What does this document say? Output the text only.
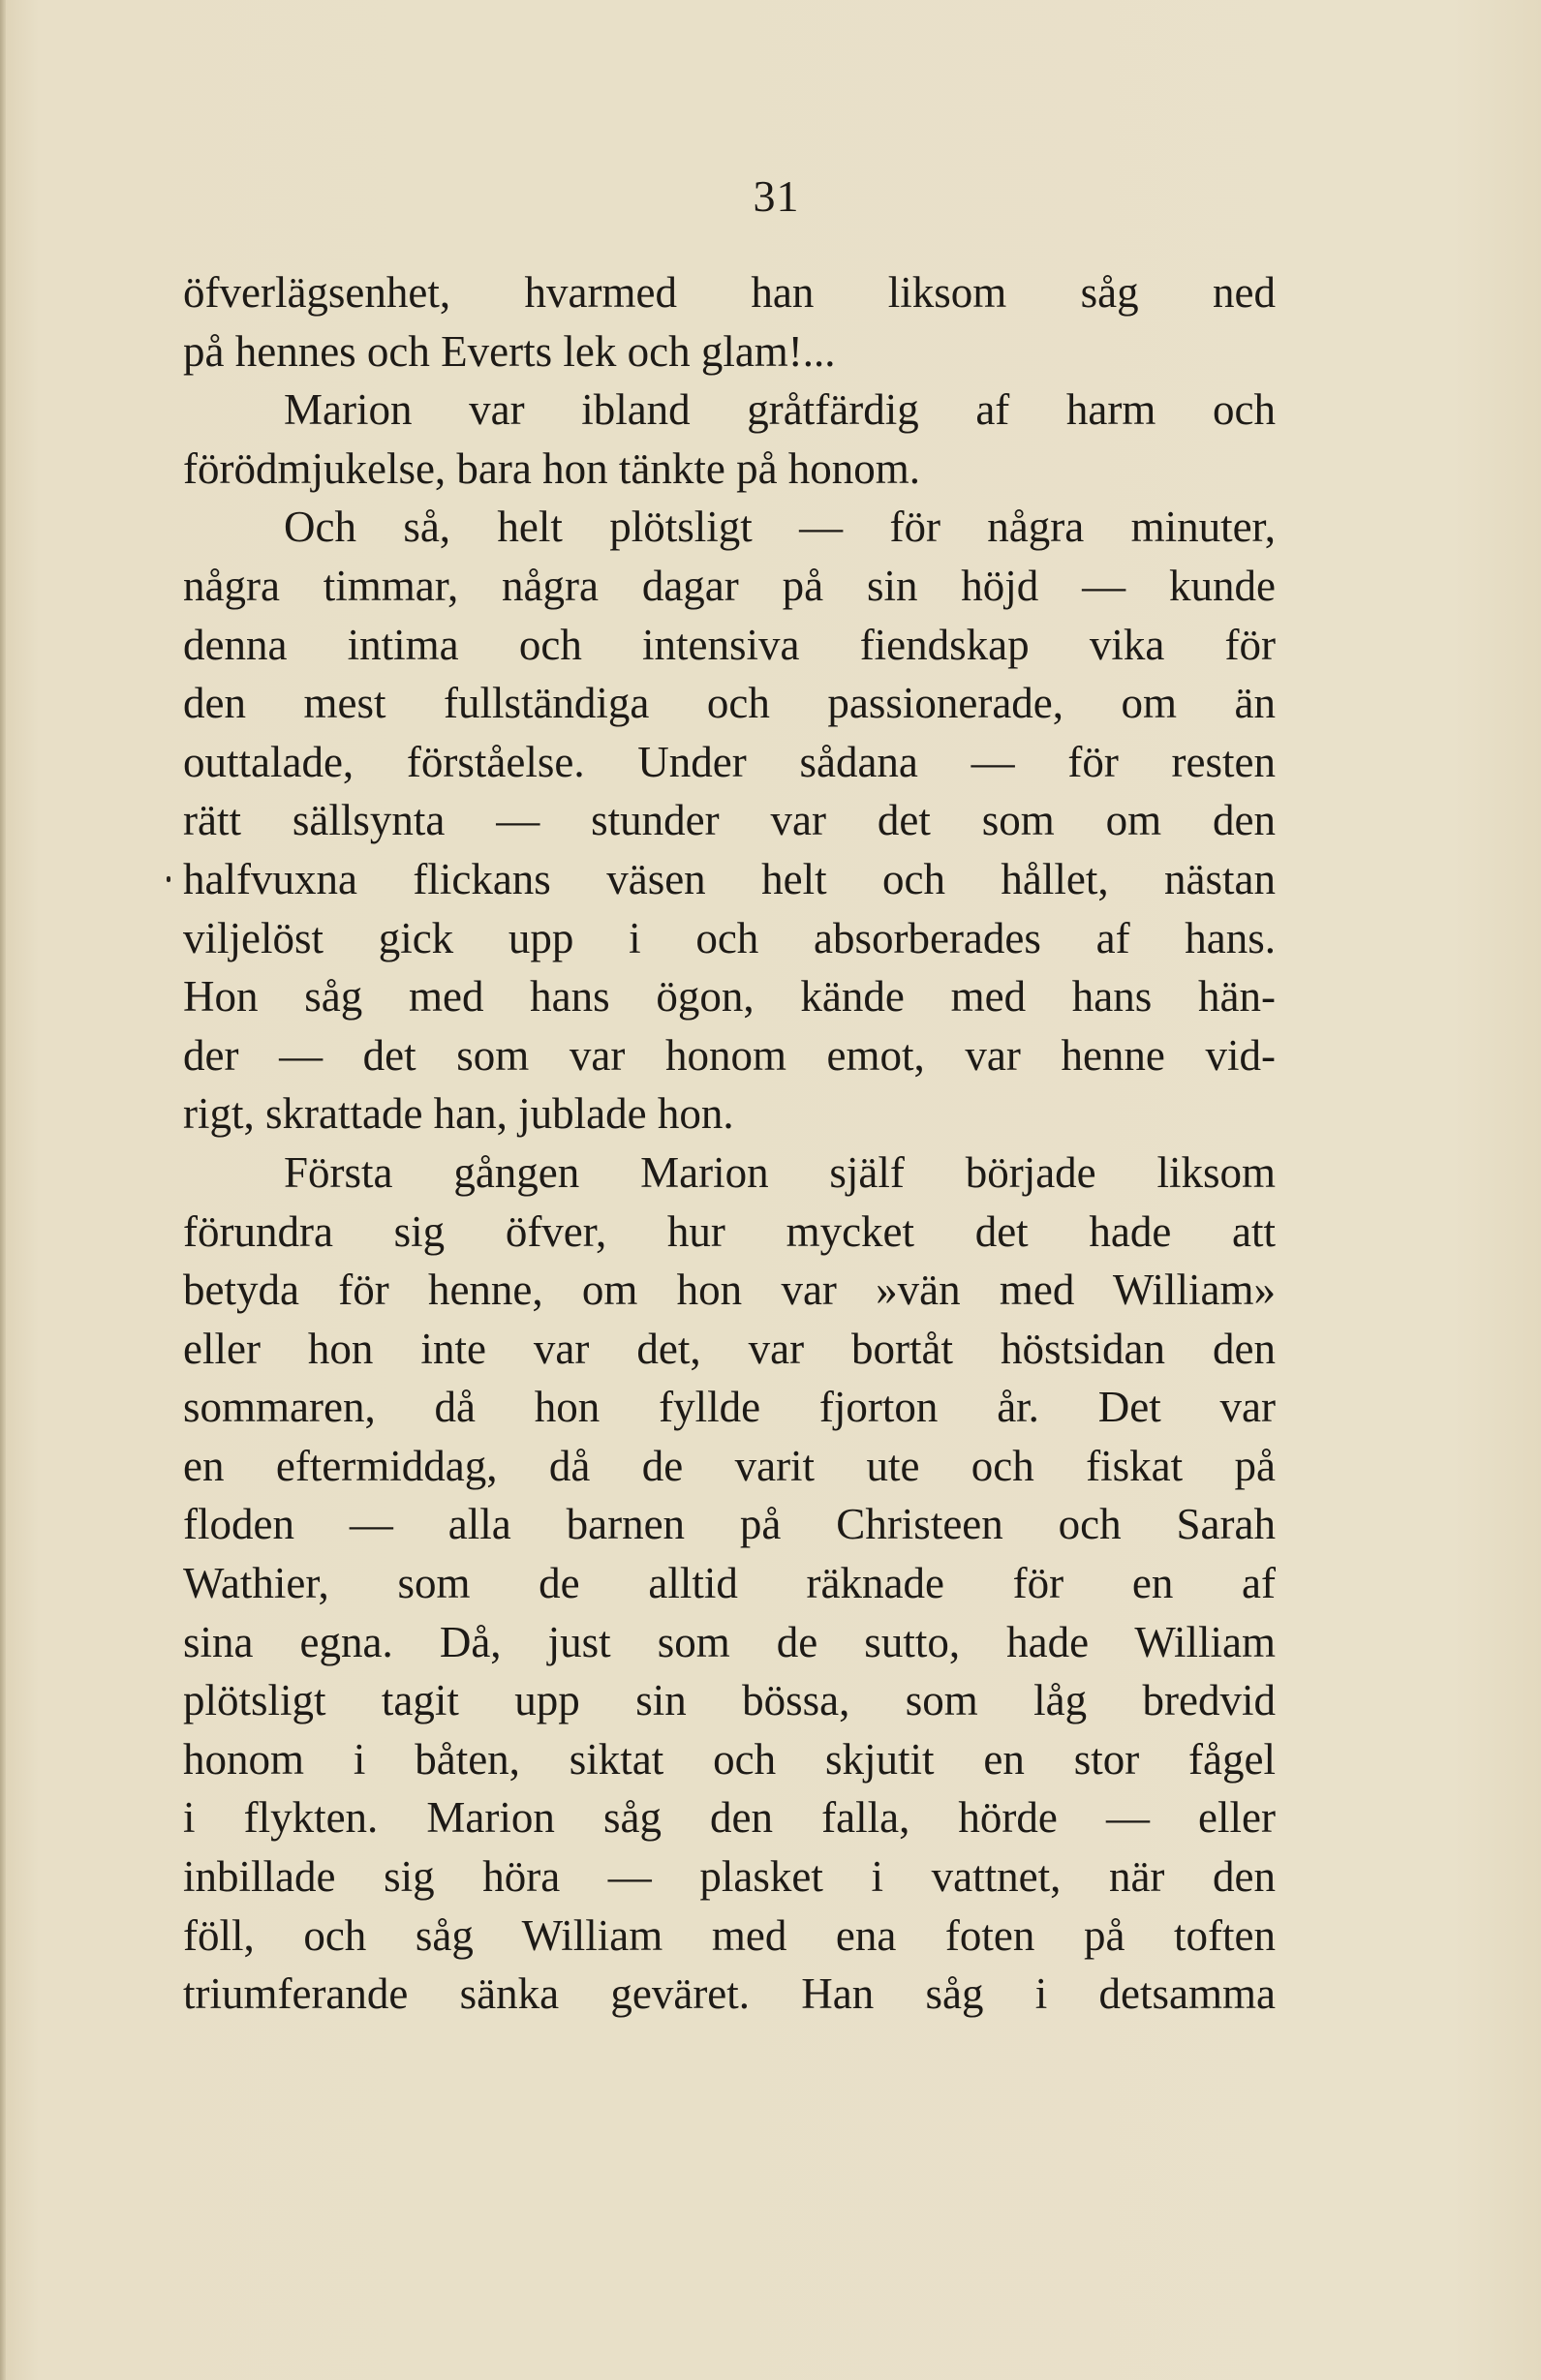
31
öfverlägsenhet, hvarmed han liksom såg ned
på hennes och Everts lek och glam!...
Marion var ibland gråtfärdig af harm och
förödmjukelse, bara hon tänkte på honom.
Och så, helt plötsligt — för några minuter,
några timmar, några dagar på sin höjd — kunde
denna intima och intensiva fiendskap vika för
den mest fullständiga och passionerade, om än
outtalade, förståelse. Under sådana — för resten
rätt sällsynta — stunder var det som om den
halfvuxna flickans väsen helt och hållet, nästan
viljelöst gick upp i och absorberades af hans.
Hon såg med hans ögon, kände med hans hän-
der — det som var honom emot, var henne vid-
rigt, skrattade han, jublade hon.
Första gången Marion själf började liksom
förundra sig öfver, hur mycket det hade att
betyda för henne, om hon var »vän med William»
eller hon inte var det, var bortåt höstsidan den
sommaren, då hon fyllde fjorton år. Det var
en eftermiddag, då de varit ute och fiskat på
floden — alla barnen på Christeen och Sarah
Wathier, som de alltid räknade för en af
sina egna. Då, just som de sutto, hade William
plötsligt tagit upp sin bössa, som låg bredvid
honom i båten, siktat och skjutit en stor fågel
i flykten. Marion såg den falla, hörde — eller
inbillade sig höra — plasket i vattnet, när den
föll, och såg William med ena foten på toften
triumferande sänka geväret. Han såg i detsamma
